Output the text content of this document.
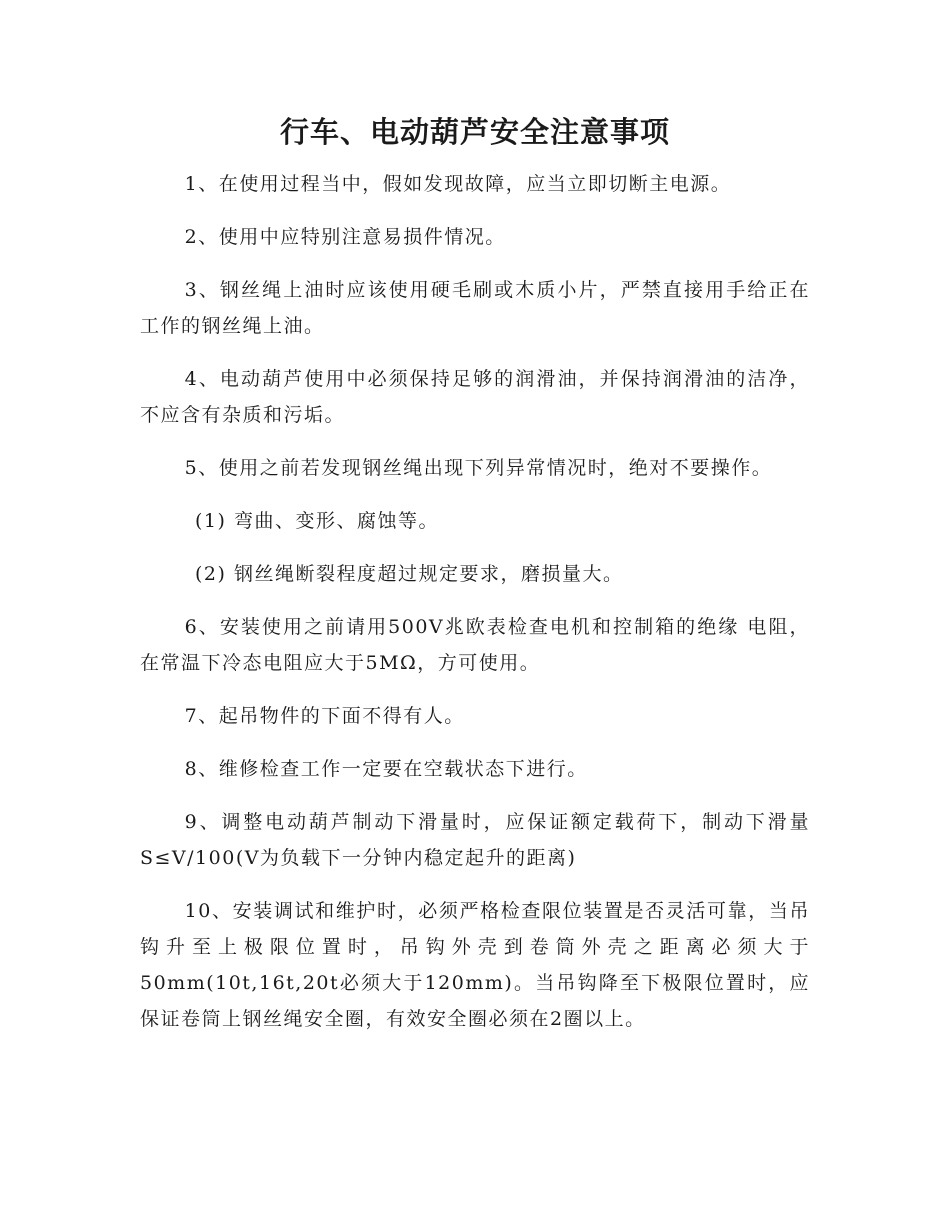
行车、电动葫芦安全注意事项

1、在使用过程当中，假如发现故障，应当立即切断主电源。

2、使用中应特别注意易损件情况。

3、钢丝绳上油时应该使用硬毛刷或木质小片，严禁直接用手给正在工作的钢丝绳上油。

4、电动葫芦使用中必须保持足够的润滑油，并保持润滑油的洁净，不应含有杂质和污垢。

5、使用之前若发现钢丝绳出现下列异常情况时，绝对不要操作。

(1) 弯曲、变形、腐蚀等。

(2) 钢丝绳断裂程度超过规定要求，磨损量大。

6、安装使用之前请用500V兆欧表检查电机和控制箱的绝缘 电阻，在常温下冷态电阻应大于5MΩ，方可使用。

7、起吊物件的下面不得有人。

8、维修检查工作一定要在空载状态下进行。

9、调整电动葫芦制动下滑量时，应保证额定载荷下，制动下滑量S≤V/100(V为负载下一分钟内稳定起升的距离)

10、安装调试和维护时，必须严格检查限位装置是否灵活可靠，当吊钩升至上极限位置时，吊钩外壳到卷筒外壳之距离必须大于50mm(10t,16t,20t必须大于120mm)。当吊钩降至下极限位置时，应保证卷筒上钢丝绳安全圈，有效安全圈必须在2圈以上。
